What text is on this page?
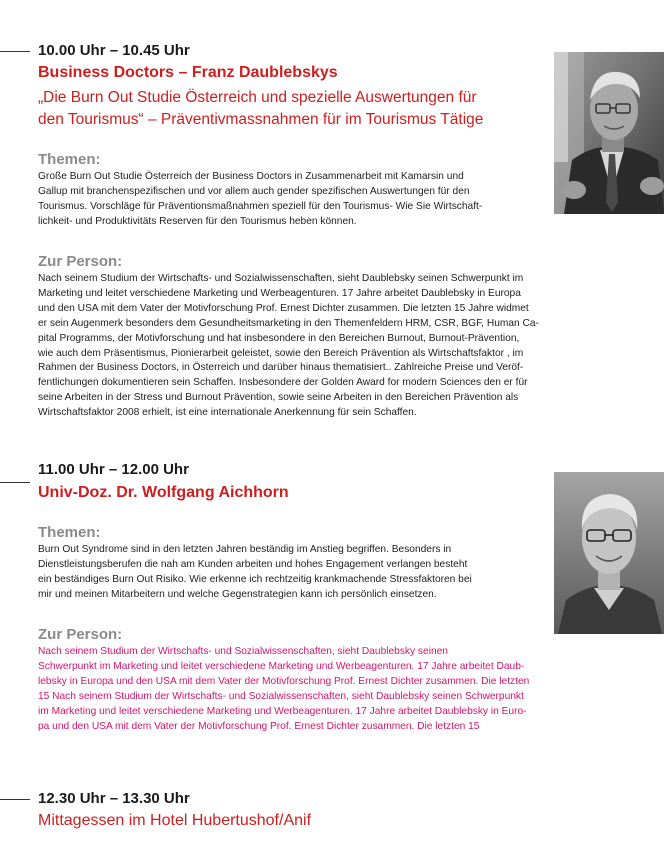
10.00 Uhr – 10.45 Uhr
Business Doctors – Franz Daublebskys
„Die Burn Out Studie Österreich und spezielle Auswertungen für
den Tourismus“ – Präventivmassnahmen für im Tourismus Tätige
Themen:
Große Burn Out Studie Österreich der Business Doctors in Zusammenarbeit mit Kamarsin und
Gallup mit branchenspezifischen und vor allem auch gender spezifischen Auswertungen für den
Tourismus. Vorschläge für Präventionsmaßnahmen speziell für den Tourismus- Wie Sie Wirtschaft-
lichkeit- und Produktivitäts Reserven für den Tourismus heben können.
Zur Person:
Nach seinem Studium der Wirtschafts- und Sozialwissenschaften, sieht Daublebsky seinen Schwerpunkt im
Marketing und leitet verschiedene Marketing und Werbeagenturen. 17 Jahre arbeitet Daublebsky in Europa
und den USA mit dem Vater der Motivforschung Prof. Ernest Dichter zusammen. Die letzten 15 Jahre widmet
er sein Augenmerk besonders dem Gesundheitsmarketing in den Themenfeldern HRM, CSR, BGF, Human Ca-
pital Programms, der Motivforschung und hat insbesondere in den Bereichen Burnout, Burnout-Prävention,
wie auch dem Präsentismus, Pionierarbeit geleistet, sowie den Bereich Prävention als Wirtschaftsfaktor , im
Rahmen der Business Doctors, in Österreich und darüber hinaus thematisiert.. Zahlreiche Preise und Veröf-
fentlichungen dokumentieren sein Schaffen. Insbesondere der Golden Award for modern Sciences den er für
seine Arbeiten in der Stress und Burnout Prävention, sowie seine Arbeiten in den Bereichen Prävention als
Wirtschaftsfaktor 2008 erhielt, ist eine internationale Anerkennung für sein Schaffen.
11.00 Uhr – 12.00 Uhr
Univ-Doz. Dr. Wolfgang Aichhorn
Themen:
Burn Out Syndrome sind in den letzten Jahren beständig im Anstieg begriffen. Besonders in
Dienstleistungsberufen die nah am Kunden arbeiten und hohes Engagement verlangen besteht
ein beständiges Burn Out Risiko. Wie erkenne ich rechtzeitig krankmachende Stressfaktoren bei
mir und meinen Mitarbeitern und welche Gegenstrategien kann ich persönlich einsetzen.
Zur Person:
Nach seinem Studium der Wirtschafts- und Sozialwissenschaften, sieht Daublebsky seinen
Schwerpunkt im Marketing und leitet verschiedene Marketing und Werbeagenturen. 17 Jahre arbeitet Daub-
lebsky in Europa und den USA mit dem Vater der Motivforschung Prof. Ernest Dichter zusammen. Die letzten
15 Nach seinem Studium der Wirtschafts- und Sozialwissenschaften, sieht Daublebsky seinen Schwerpunkt
im Marketing und leitet verschiedene Marketing und Werbeagenturen. 17 Jahre arbeitet Daublebsky in Euro-
pa und den USA mit dem Vater der Motivforschung Prof. Ernest Dichter zusammen. Die letzten 15
12.30 Uhr – 13.30 Uhr
Mittagessen im Hotel Hubertushof/Anif
